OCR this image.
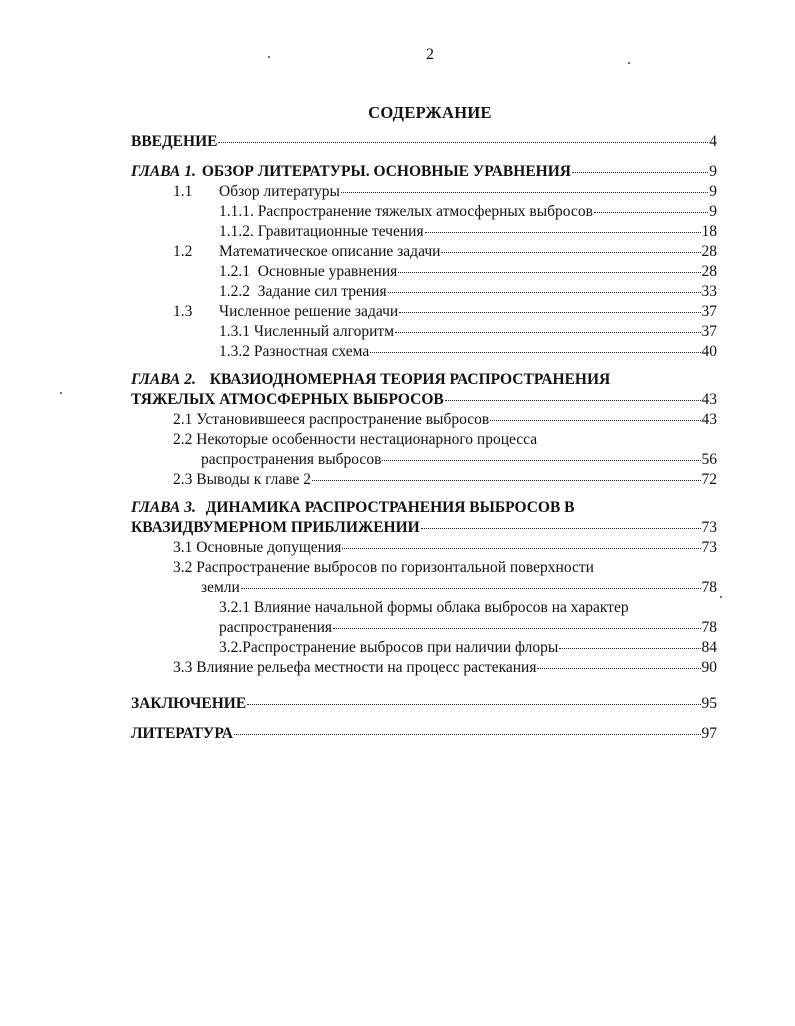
2
СОДЕРЖАНИЕ
ВВЕДЕНИЕ	4
ГЛАВА 1. ОБЗОР ЛИТЕРАТУРЫ. ОСНОВНЫЕ УРАВНЕНИЯ	9
1.1	Обзор литературы	9
1.1.1. Распространение тяжелых атмосферных выбросов	9
1.1.2. Гравитационные течения	18
1.2	Математическое описание задачи	28
1.2.1  Основные уравнения	28
1.2.2  Задание сил трения	33
1.3	Численное решение задачи	37
1.3.1 Численный алгоритм	37
1.3.2 Разностная схема	40
ГЛАВА 2. КВАЗИОДНОМЕРНАЯ ТЕОРИЯ РАСПРОСТРАНЕНИЯ
ТЯЖЕЛЫХ АТМОСФЕРНЫХ ВЫБРОСОВ	43
2.1 Установившееся распространение выбросов	43
2.2 Некоторые особенности нестационарного процесса
распространения выбросов	56
2.3 Выводы к главе 2	72
ГЛАВА 3. ДИНАМИКА РАСПРОСТРАНЕНИЯ ВЫБРОСОВ В
КВАЗИДВУМЕРНОМ ПРИБЛИЖЕНИИ	73
3.1 Основные допущения	73
3.2 Распространение выбросов по горизонтальной поверхности
земли	78
3.2.1 Влияние начальной формы облака выбросов на характер
распространения	78
3.2.Распространение выбросов при наличии флоры	84
3.3 Влияние рельефа местности на процесс растекания	90
ЗАКЛЮЧЕНИЕ	95
ЛИТЕРАТУРА	97
